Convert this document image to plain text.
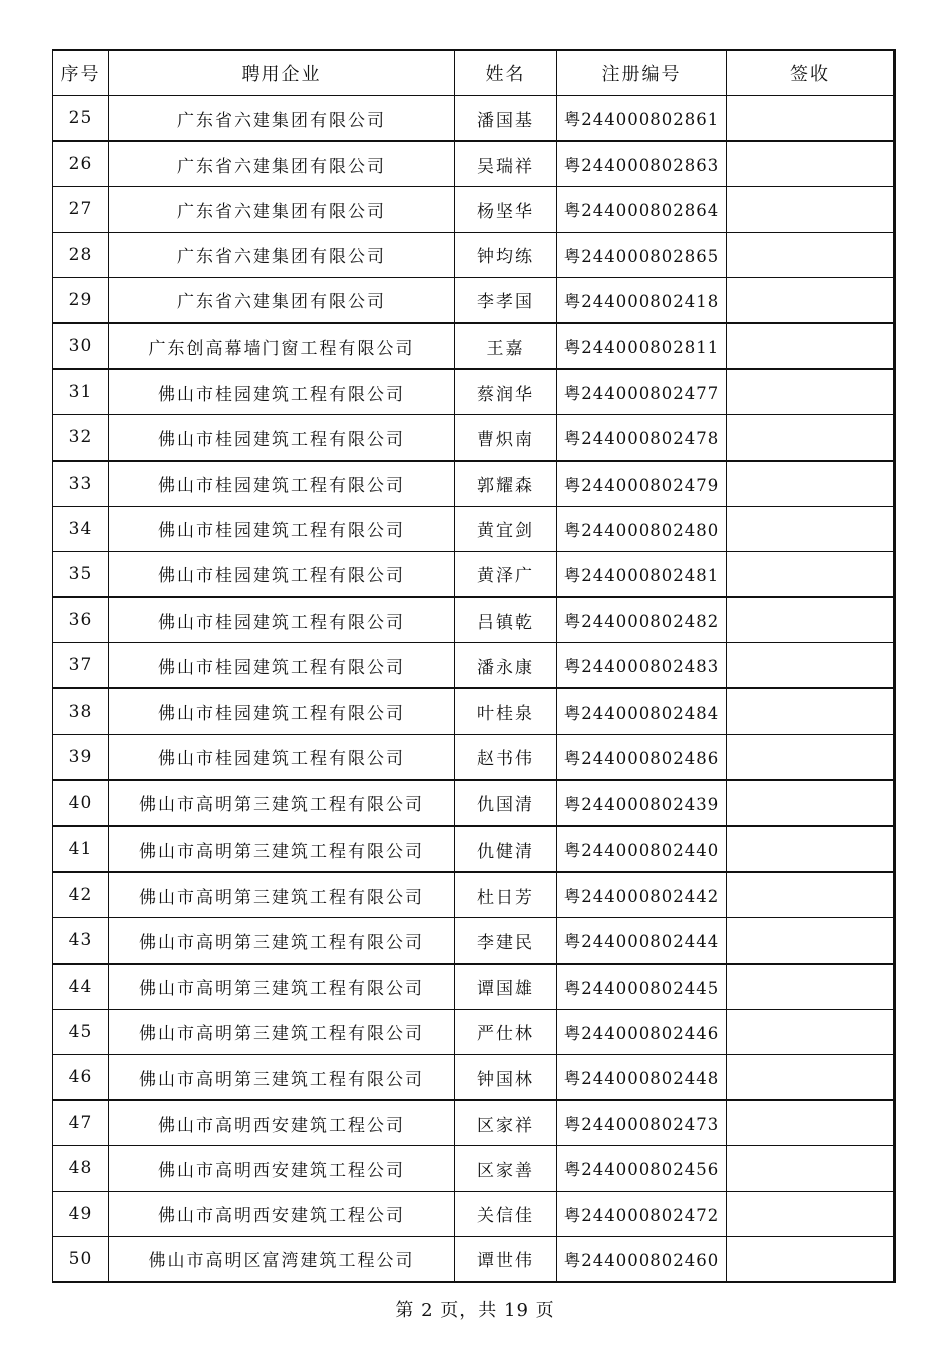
序号	聘用企业	姓名	注册编号	签收
25	广东省六建集团有限公司	潘国基	粤244000802861	
26	广东省六建集团有限公司	吴瑞祥	粤244000802863	
27	广东省六建集团有限公司	杨坚华	粤244000802864	
28	广东省六建集团有限公司	钟均练	粤244000802865	
29	广东省六建集团有限公司	李孝国	粤244000802418	
30	广东创高幕墙门窗工程有限公司	王嘉	粤244000802811	
31	佛山市桂园建筑工程有限公司	蔡润华	粤244000802477	
32	佛山市桂园建筑工程有限公司	曹炽南	粤244000802478	
33	佛山市桂园建筑工程有限公司	郭耀森	粤244000802479	
34	佛山市桂园建筑工程有限公司	黄宜剑	粤244000802480	
35	佛山市桂园建筑工程有限公司	黄泽广	粤244000802481	
36	佛山市桂园建筑工程有限公司	吕镇乾	粤244000802482	
37	佛山市桂园建筑工程有限公司	潘永康	粤244000802483	
38	佛山市桂园建筑工程有限公司	叶桂泉	粤244000802484	
39	佛山市桂园建筑工程有限公司	赵书伟	粤244000802486	
40	佛山市高明第三建筑工程有限公司	仇国清	粤244000802439	
41	佛山市高明第三建筑工程有限公司	仇健清	粤244000802440	
42	佛山市高明第三建筑工程有限公司	杜日芳	粤244000802442	
43	佛山市高明第三建筑工程有限公司	李建民	粤244000802444	
44	佛山市高明第三建筑工程有限公司	谭国雄	粤244000802445	
45	佛山市高明第三建筑工程有限公司	严仕林	粤244000802446	
46	佛山市高明第三建筑工程有限公司	钟国林	粤244000802448	
47	佛山市高明西安建筑工程公司	区家祥	粤244000802473	
48	佛山市高明西安建筑工程公司	区家善	粤244000802456	
49	佛山市高明西安建筑工程公司	关信佳	粤244000802472	
50	佛山市高明区富湾建筑工程公司	谭世伟	粤244000802460	
第 2 页，共 19 页
